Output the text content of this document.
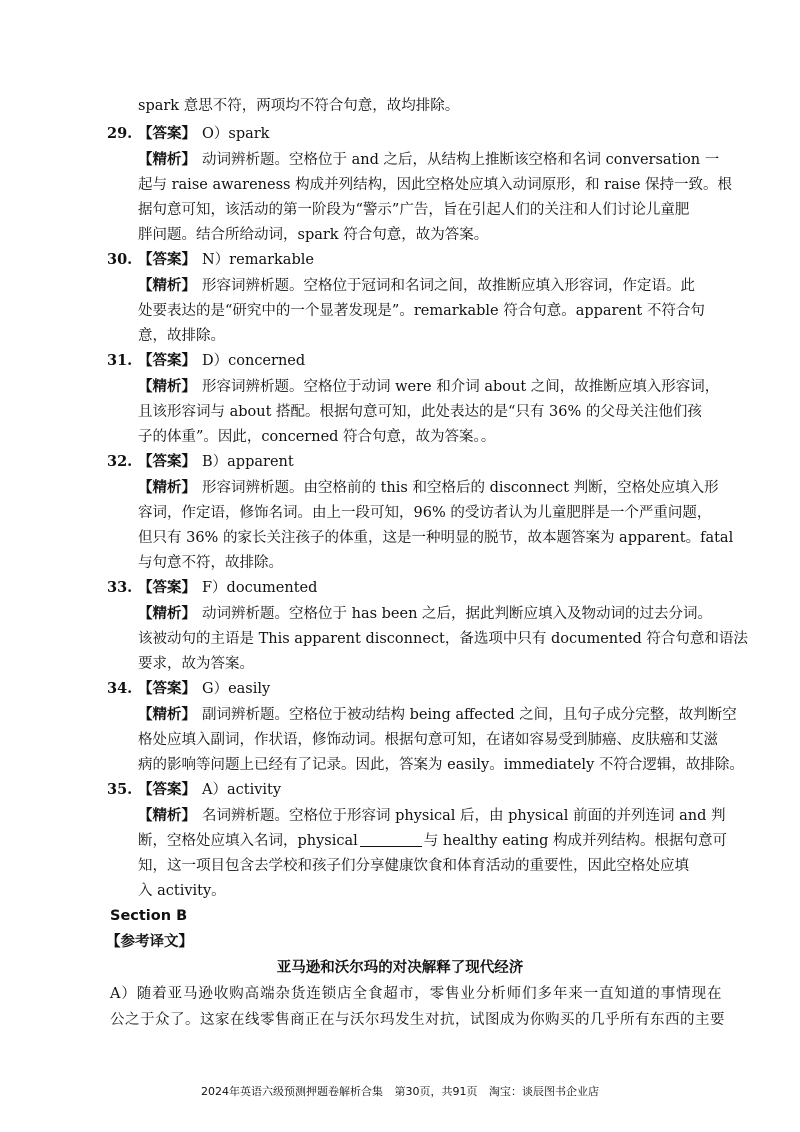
spark 意思不符，两项均不符合句意，故均排除。
29. 【答案】 O）spark
【精析】 动词辨析题。空格位于 and 之后，从结构上推断该空格和名词 conversation 一
起与 raise awareness 构成并列结构，因此空格处应填入动词原形，和 raise 保持一致。根
据句意可知，该活动的第一阶段为“警示”广告，旨在引起人们的关注和人们讨论儿童肥
胖问题。结合所给动词，spark 符合句意，故为答案。
30. 【答案】 N）remarkable
【精析】 形容词辨析题。空格位于冠词和名词之间，故推断应填入形容词，作定语。此
处要表达的是“研究中的一个显著发现是”。remarkable 符合句意。apparent 不符合句
意，故排除。
31. 【答案】 D）concerned
【精析】 形容词辨析题。空格位于动词 were 和介词 about 之间，故推断应填入形容词，
且该形容词与 about 搭配。根据句意可知，此处表达的是“只有 36% 的父母关注他们孩
子的体重”。因此，concerned 符合句意，故为答案。。
32. 【答案】 B）apparent
【精析】 形容词辨析题。由空格前的 this 和空格后的 disconnect 判断，空格处应填入形
容词，作定语，修饰名词。由上一段可知，96% 的受访者认为儿童肥胖是一个严重问题，
但只有 36% 的家长关注孩子的体重，这是一种明显的脱节，故本题答案为 apparent。fatal
与句意不符，故排除。
33. 【答案】 F）documented
【精析】 动词辨析题。空格位于 has been 之后，据此判断应填入及物动词的过去分词。
该被动句的主语是 This apparent disconnect，备选项中只有 documented 符合句意和语法
要求，故为答案。
34. 【答案】 G）easily
【精析】 副词辨析题。空格位于被动结构 being affected 之间，且句子成分完整，故判断空
格处应填入副词，作状语，修饰动词。根据句意可知，在诸如容易受到肺癌、皮肤癌和艾滋
病的影响等问题上已经有了记录。因此，答案为 easily。immediately 不符合逻辑，故排除。
35. 【答案】 A）activity
【精析】 名词辨析题。空格位于形容词 physical 后，由 physical 前面的并列连词 and 判
断，空格处应填入名词，physical	与 healthy eating 构成并列结构。根据句意可
知，这一项目包含去学校和孩子们分享健康饮食和体育活动的重要性，因此空格处应填
入 activity。
Section B
【参考译文】
亚马逊和沃尔玛的对决解释了现代经济
A）随着亚马逊收购高端杂货连锁店全食超市，零售业分析师们多年来一直知道的事情现在
公之于众了。这家在线零售商正在与沃尔玛发生对抗，试图成为你购买的几乎所有东西的主要
2024年英语六级预测押题卷解析合集 第30页，共91页 淘宝：谈辰图书企业店
